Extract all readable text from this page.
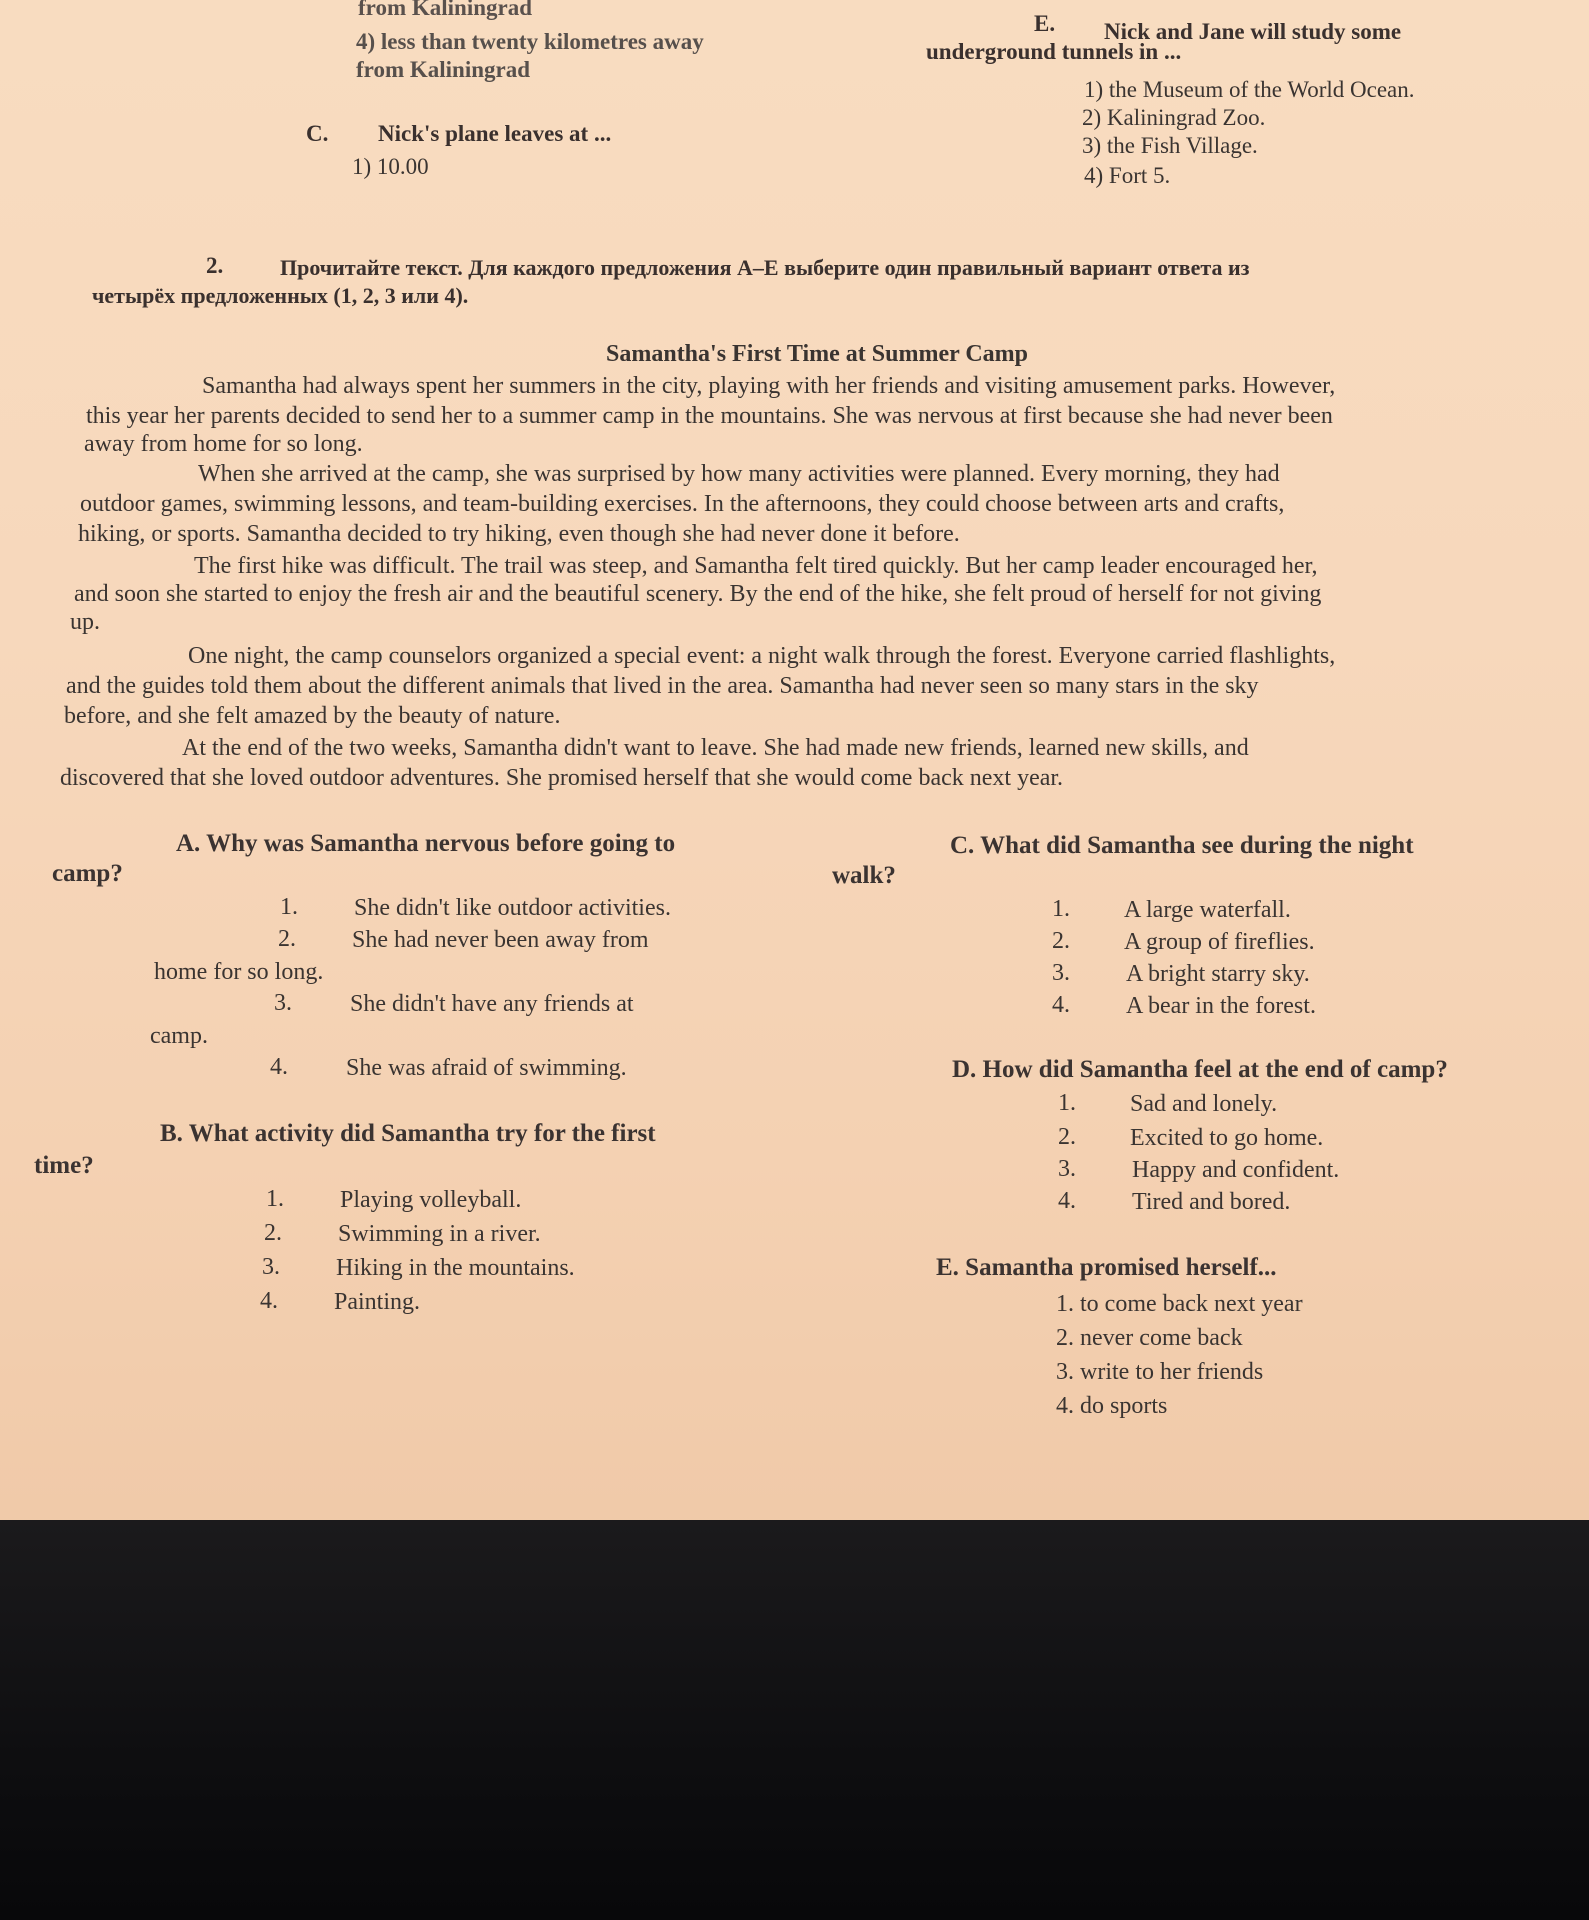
from Kaliningrad
4) less than twenty kilometres away
from Kaliningrad
C. Nick's plane leaves at ...
1) 10.00
E. Nick and Jane will study some
underground tunnels in ...
1) the Museum of the World Ocean.
2) Kaliningrad Zoo.
3) the Fish Village.
4) Fort 5.
2.	Прочитайте текст. Для каждого предложения A–E выберите один правильный вариант ответа из
четырёх предложенных (1, 2, 3 или 4).
Samantha's First Time at Summer Camp
Samantha had always spent her summers in the city, playing with her friends and visiting amusement parks. However,
this year her parents decided to send her to a summer camp in the mountains. She was nervous at first because she had never been
away from home for so long.
When she arrived at the camp, she was surprised by how many activities were planned. Every morning, they had
outdoor games, swimming lessons, and team-building exercises. In the afternoons, they could choose between arts and crafts,
hiking, or sports. Samantha decided to try hiking, even though she had never done it before.
The first hike was difficult. The trail was steep, and Samantha felt tired quickly. But her camp leader encouraged her,
and soon she started to enjoy the fresh air and the beautiful scenery. By the end of the hike, she felt proud of herself for not giving
up.
One night, the camp counselors organized a special event: a night walk through the forest. Everyone carried flashlights,
and the guides told them about the different animals that lived in the area. Samantha had never seen so many stars in the sky
before, and she felt amazed by the beauty of nature.
At the end of the two weeks, Samantha didn't want to leave. She had made new friends, learned new skills, and
discovered that she loved outdoor adventures. She promised herself that she would come back next year.
A. Why was Samantha nervous before going to
camp?
1. She didn't like outdoor activities.
2. She had never been away from
home for so long.
3. She didn't have any friends at
camp.
4. She was afraid of swimming.
B. What activity did Samantha try for the first
time?
1. Playing volleyball.
2. Swimming in a river.
3. Hiking in the mountains.
4. Painting.
C. What did Samantha see during the night
walk?
1. A large waterfall.
2. A group of fireflies.
3. A bright starry sky.
4. A bear in the forest.
D. How did Samantha feel at the end of camp?
1. Sad and lonely.
2. Excited to go home.
3. Happy and confident.
4. Tired and bored.
E. Samantha promised herself...
1. to come back next year
2. never come back
3. write to her friends
4. do sports
